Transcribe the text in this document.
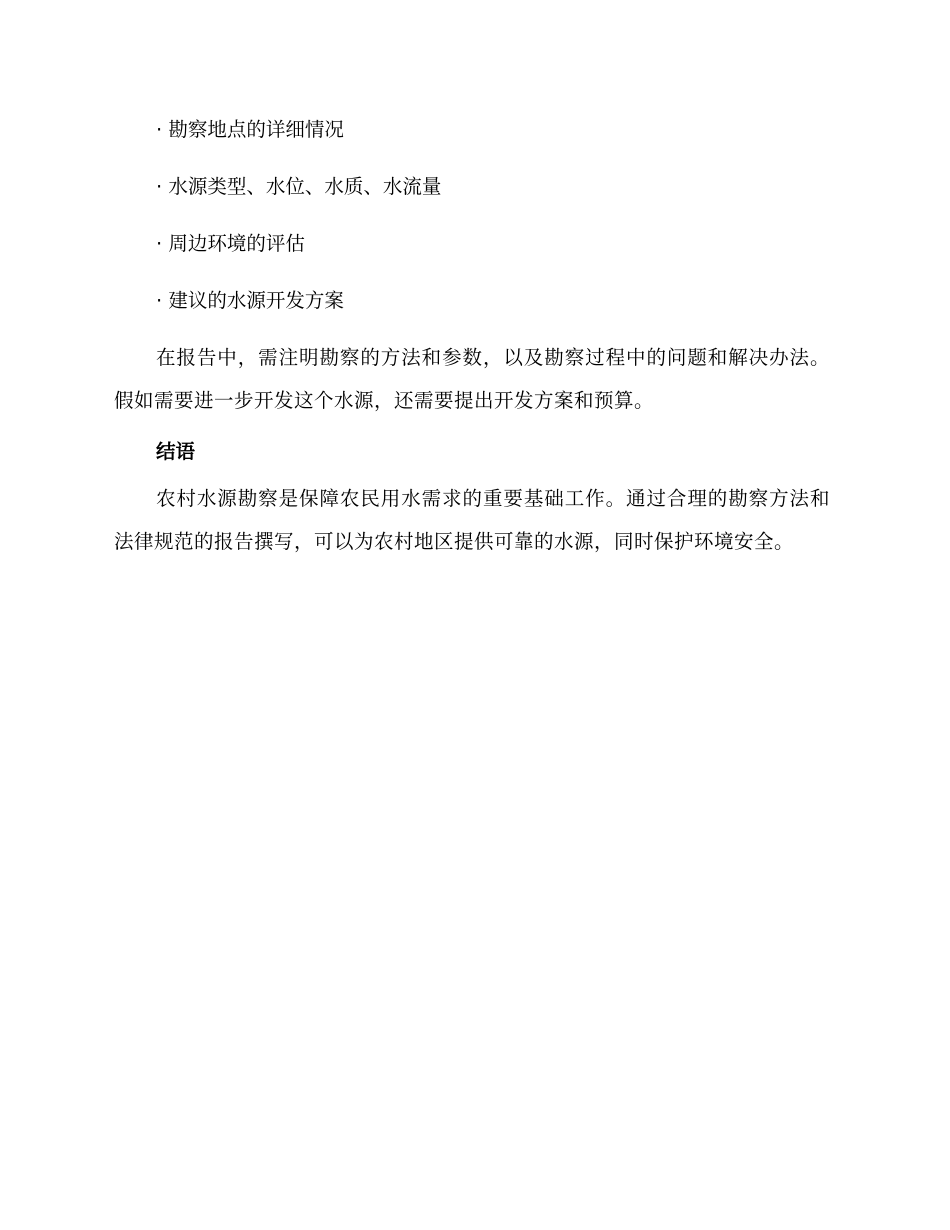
· 勘察地点的详细情况
· 水源类型、水位、水质、水流量
· 周边环境的评估
· 建议的水源开发方案

在报告中，需注明勘察的方法和参数，以及勘察过程中的问题和解决办法。假如需要进一步开发这个水源，还需要提出开发方案和预算。

结语

农村水源勘察是保障农民用水需求的重要基础工作。通过合理的勘察方法和法律规范的报告撰写，可以为农村地区提供可靠的水源，同时保护环境安全。
